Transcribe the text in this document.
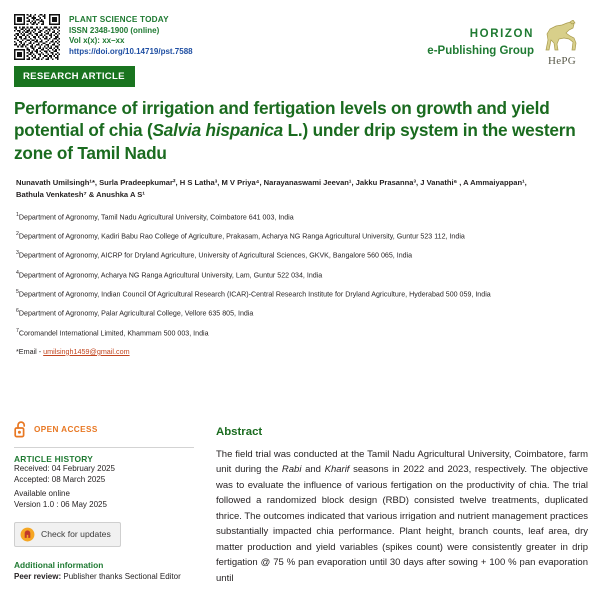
PLANT SCIENCE TODAY
ISSN 2348-1900 (online)
Vol x(x): xx–xx
https://doi.org/10.14719/pst.7588
HORIZON
e-Publishing Group
HePG
RESEARCH ARTICLE
Performance of irrigation and fertigation levels on growth and yield potential of chia (Salvia hispanica L.) under drip system in the western zone of Tamil Nadu
Nunavath Umilsingh¹*, Surla Pradeepkumar², H S Latha³, M V Priya⁴, Narayanaswami Jeevan¹, Jakku Prasanna³, J Vanathi⁶ , A Ammaiyappan¹,
Bathula Venkatesh⁷ & Anushka A S¹
$^1$Department of Agronomy, Tamil Nadu Agricultural University, Coimbatore 641 003, India
$^2$Department of Agronomy, Kadiri Babu Rao College of Agriculture, Prakasam, Acharya NG Ranga Agricultural University, Guntur 523 112, India
$^3$Department of Agronomy, AICRP for Dryland Agriculture, University of Agricultural Sciences, GKVK, Bangalore 560 065, India
$^4$Department of Agronomy, Acharya NG Ranga Agricultural University, Lam, Guntur 522 034, India
$^5$Department of Agronomy, Indian Council Of Agricultural Research (ICAR)-Central Research Institute for Dryland Agriculture, Hyderabad 500 059, India
$^6$Department of Agronomy, Palar Agricultural College, Vellore 635 805, India
$^7$Coromandel International Limited, Khammam 500 003, India
*Email - umilsingh1459@gmail.com
OPEN ACCESS
ARTICLE HISTORY
Received: 04 February 2025
Accepted: 08 March 2025
Available online
Version 1.0 : 06 May 2025
Check for updates
Additional information
Peer review: Publisher thanks Sectional Editor
Abstract
The field trial was conducted at the Tamil Nadu Agricultural University, Coimbatore, farm unit during the Rabi and Kharif seasons in 2022 and 2023, respectively. The objective was to evaluate the influence of various fertigation on the productivity of chia. The trial followed a randomized block design (RBD) consisted twelve treatments, duplicated thrice. The outcomes indicated that various irrigation and nutrient management practices substantially impacted chia performance. Plant height, branch counts, leaf area, dry matter production and yield variables (spikes count) were consistently greater in drip fertigation @ 75 % pan evaporation until 30 days after sowing + 100 % pan evaporation until
